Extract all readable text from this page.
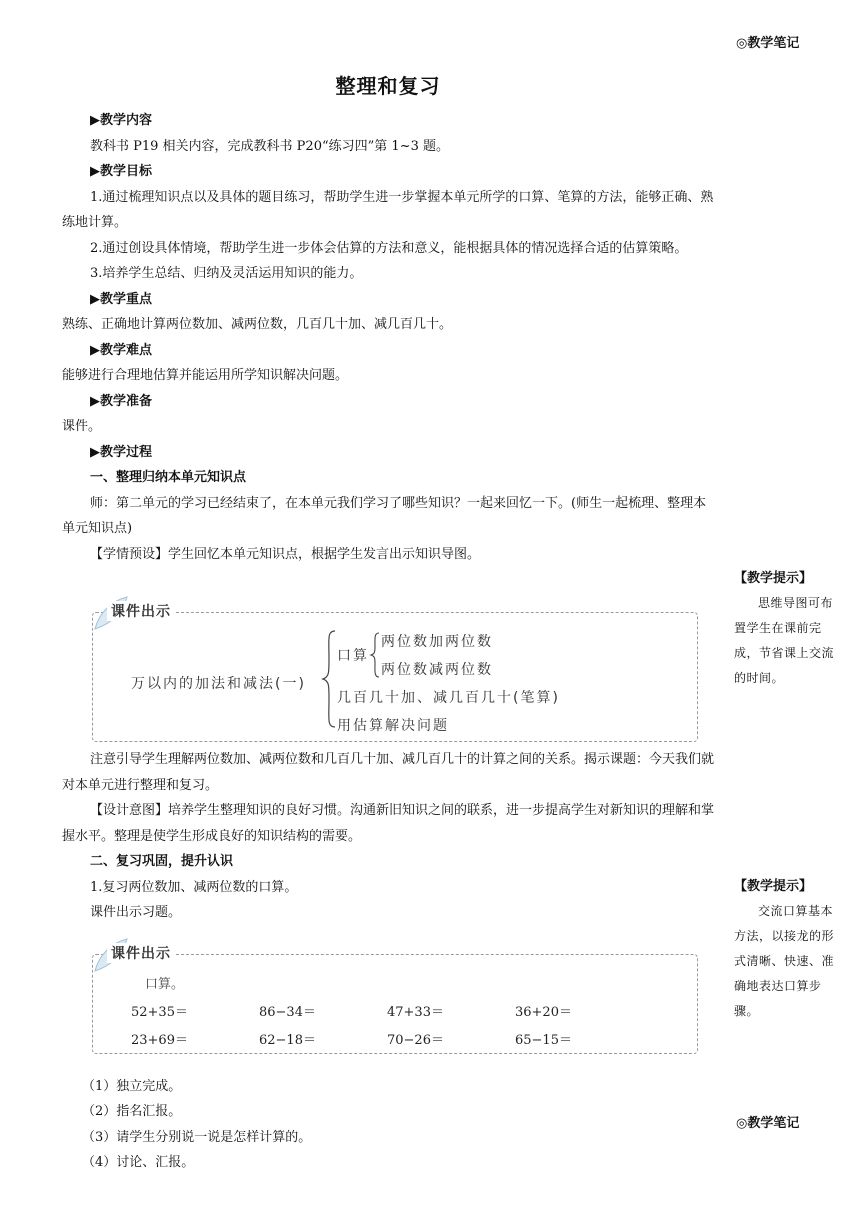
◎教学笔记
整理和复习

▶教学内容

教科书 P19 相关内容，完成教科书 P20“练习四”第 1~3 题。

▶教学目标

1.通过梳理知识点以及具体的题目练习，帮助学生进一步掌握本单元所学的口算、笔算的方法，能够正确、熟练地计算。

2.通过创设具体情境，帮助学生进一步体会估算的方法和意义，能根据具体的情况选择合适的估算策略。

3.培养学生总结、归纳及灵活运用知识的能力。

▶教学重点

熟练、正确地计算两位数加、减两位数，几百几十加、减几百几十。

▶教学难点

能够进行合理地估算并能运用所学知识解决问题。

▶教学准备

课件。

▶教学过程

一、整理归纳本单元知识点

师：第二单元的学习已经结束了，在本单元我们学习了哪些知识？一起来回忆一下。(师生一起梳理、整理本单元知识点)

【学情预设】学生回忆本单元知识点，根据学生发言出示知识导图。

注意引导学生理解两位数加、减两位数和几百几十加、减几百几十的计算之间的关系。揭示课题：今天我们就对本单元进行整理和复习。

【设计意图】培养学生整理知识的良好习惯。沟通新旧知识之间的联系，进一步提高学生对新知识的理解和掌握水平。整理是使学生形成良好的知识结构的需要。

二、复习巩固，提升认识

1.复习两位数加、减两位数的口算。

课件出示习题。

（1）独立完成。

（2）指名汇报。

（3）请学生分别说一说是怎样计算的。

（4）讨论、汇报。

课件出示
万以内的加法和减法(一)
口算
两位数加两位数
两位数减两位数
几百几十加、减几百几十(笔算)
用估算解决问题
课件出示
口算。
52+35＝	86−34＝	47+33＝	36+20＝
23+69＝	62−18＝	70−26＝	65−15＝
【教学提示】
思维导图可布置学生在课前完成，节省课上交流的时间。
【教学提示】
交流口算基本方法，以接龙的形式清晰、快速、准确地表达口算步骤。
◎教学笔记
